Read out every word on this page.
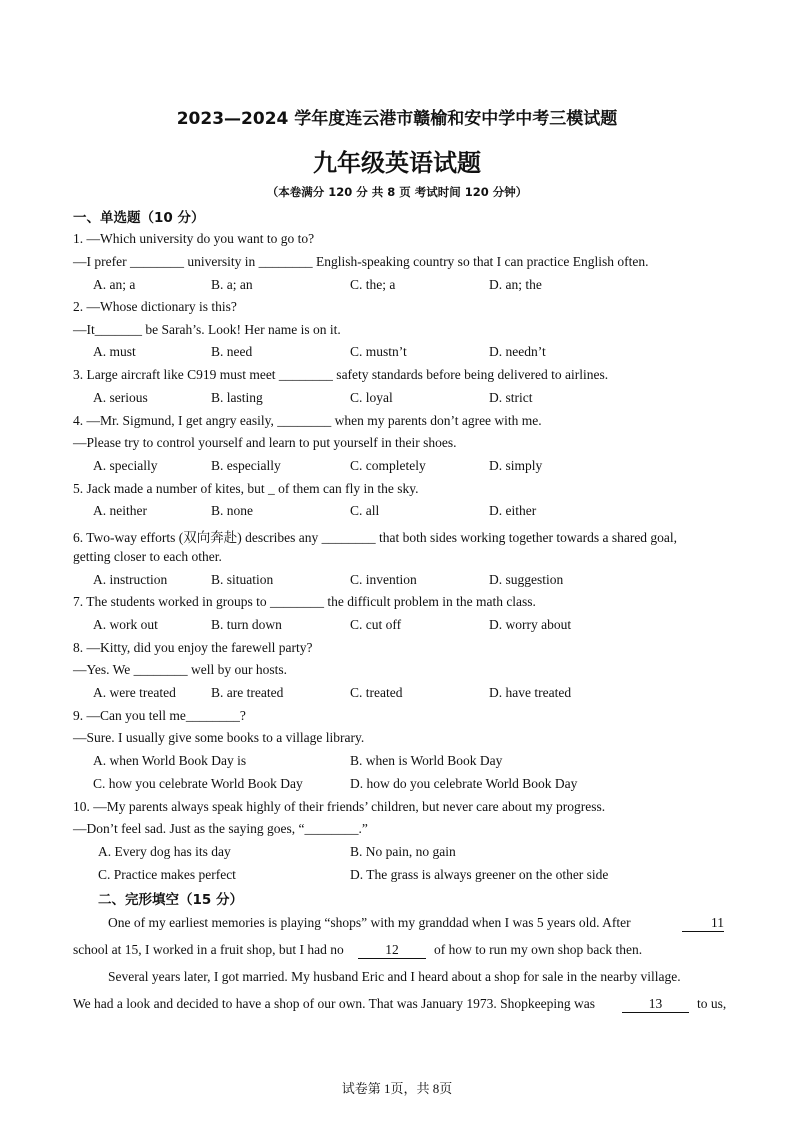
2023—2024 学年度连云港市赣榆和安中学中考三模试题
九年级英语试题
（本卷满分 120 分 共 8 页 考试时间 120 分钟）
一、单选题（10 分）
1. —Which university do you want to go to?
—I prefer ________ university in ________ English-speaking country so that I can practice English often.
A. an; a	B. a; an	C. the; a	D. an; the
2. —Whose dictionary is this?
—It_______ be Sarah’s. Look! Her name is on it.
A. must	B. need	C. mustn’t	D. needn’t
3. Large aircraft like C919 must meet ________ safety standards before being delivered to airlines.
A. serious	B. lasting	C. loyal	D. strict
4. —Mr. Sigmund, I get angry easily, ________ when my parents don’t agree with me.
—Please try to control yourself and learn to put yourself in their shoes.
A. specially	B. especially	C. completely	D. simply
5. Jack made a number of kites, but _ of them can fly in the sky.
A. neither	B. none	C. all	D. either
6. Two-way efforts (双向奔赴) describes any ________ that both sides working together towards a shared goal,
getting closer to each other.
A. instruction	B. situation	C. invention	D. suggestion
7. The students worked in groups to ________ the difficult problem in the math class.
A. work out	B. turn down	C. cut off	D. worry about
8. —Kitty, did you enjoy the farewell party?
—Yes. We ________ well by our hosts.
A. were treated	B. are treated	C. treated	D. have treated
9. —Can you tell me________?
—Sure. I usually give some books to a village library.
A. when World Book Day is	B. when is World Book Day
C. how you celebrate World Book Day	D. how do you celebrate World Book Day
10. —My parents always speak highly of their friends’ children, but never care about my progress.
—Don’t feel sad. Just as the saying goes, “________.”
A. Every dog has its day	B. No pain, no gain
C. Practice makes perfect	D. The grass is always greener on the other side
二、完形填空（15 分）
One of my earliest memories is playing “shops” with my granddad when I was 5 years old. After	11
school at 15, I worked in a fruit shop, but I had no	12	of how to run my own shop back then.
Several years later, I got married. My husband Eric and I heard about a shop for sale in the nearby village.
We had a look and decided to have a shop of our own. That was January 1973. Shopkeeping was	13	to us,
试卷第 1页，共 8页
